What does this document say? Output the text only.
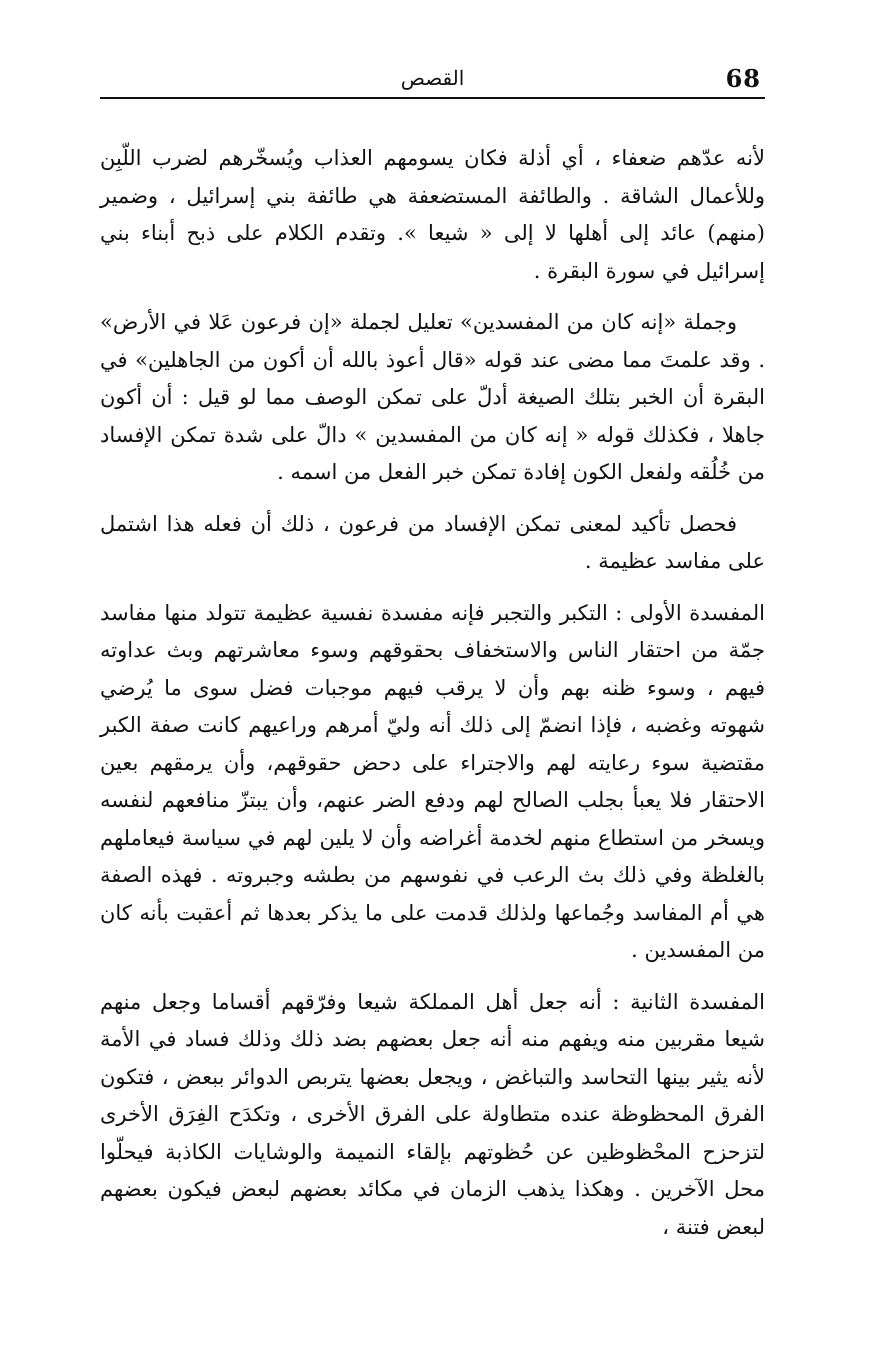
68
القصص

لأنه عدّهم ضعفاء ، أي أذلة فكان يسومهم العذاب ويُسخّرهم لضرب اللّبِن وللأعمال الشاقة . والطائفة المستضعفة هي طائفة بني إسرائيل ، وضمير (منهم) عائد إلى أهلها لا إلى « شيعا ». وتقدم الكلام على ذبح أبناء بني إسرائيل في سورة البقرة .

وجملة «إنه كان من المفسدين» تعليل لجملة «إن فرعون عَلا في الأرض» . وقد علمتَ مما مضى عند قوله «قال أعوذ بالله أن أكون من الجاهلين» في البقرة أن الخبر بتلك الصيغة أدلّ على تمكن الوصف مما لو قيل : أن أكون جاهلا ، فكذلك قوله « إنه كان من المفسدين » دالّ على شدة تمكن الإفساد من خُلُقه ولفعل الكون إفادة تمكن خبر الفعل من اسمه .

فحصل تأكيد لمعنى تمكن الإفساد من فرعون ، ذلك أن فعله هذا اشتمل على مفاسد عظيمة .

المفسدة الأولى : التكبر والتجبر فإنه مفسدة نفسية عظيمة تتولد منها مفاسد جمّة من احتقار الناس والاستخفاف بحقوقهم وسوء معاشرتهم وبث عداوته فيهم ، وسوء ظنه بهم وأن لا يرقب فيهم موجبات فضل سوى ما يُرضي شهوته وغضبه ، فإذا انضمّ إلى ذلك أنه وليّ أمرهم وراعيهم كانت صفة الكبر مقتضية سوء رعايته لهم والاجتراء على دحض حقوقهم، وأن يرمقهم بعين الاحتقار فلا يعبأ بجلب الصالح لهم ودفع الضر عنهم، وأن يبتزّ منافعهم لنفسه ويسخر من استطاع منهم لخدمة أغراضه وأن لا يلين لهم في سياسة فيعاملهم بالغلظة وفي ذلك بث الرعب في نفوسهم من بطشه وجبروته . فهذه الصفة هي أم المفاسد وجُماعها ولذلك قدمت على ما يذكر بعدها ثم أعقبت بأنه كان من المفسدين .

المفسدة الثانية : أنه جعل أهل المملكة شيعا وفرّقهم أقساما وجعل منهم شيعا مقربين منه ويفهم منه أنه جعل بعضهم بضد ذلك وذلك فساد في الأمة لأنه يثير بينها التحاسد والتباغض ، ويجعل بعضها يتربص الدوائر ببعض ، فتكون الفرق المحظوظة عنده متطاولة على الفرق الأخرى ، وتكدَح الفِرَق الأخرى لتزحزح المحْظوظين عن حُظوتهم بإلقاء النميمة والوشايات الكاذبة فيحلّوا محل الآخرين . وهكذا يذهب الزمان في مكائد بعضهم لبعض فيكون بعضهم لبعض فتنة ،
